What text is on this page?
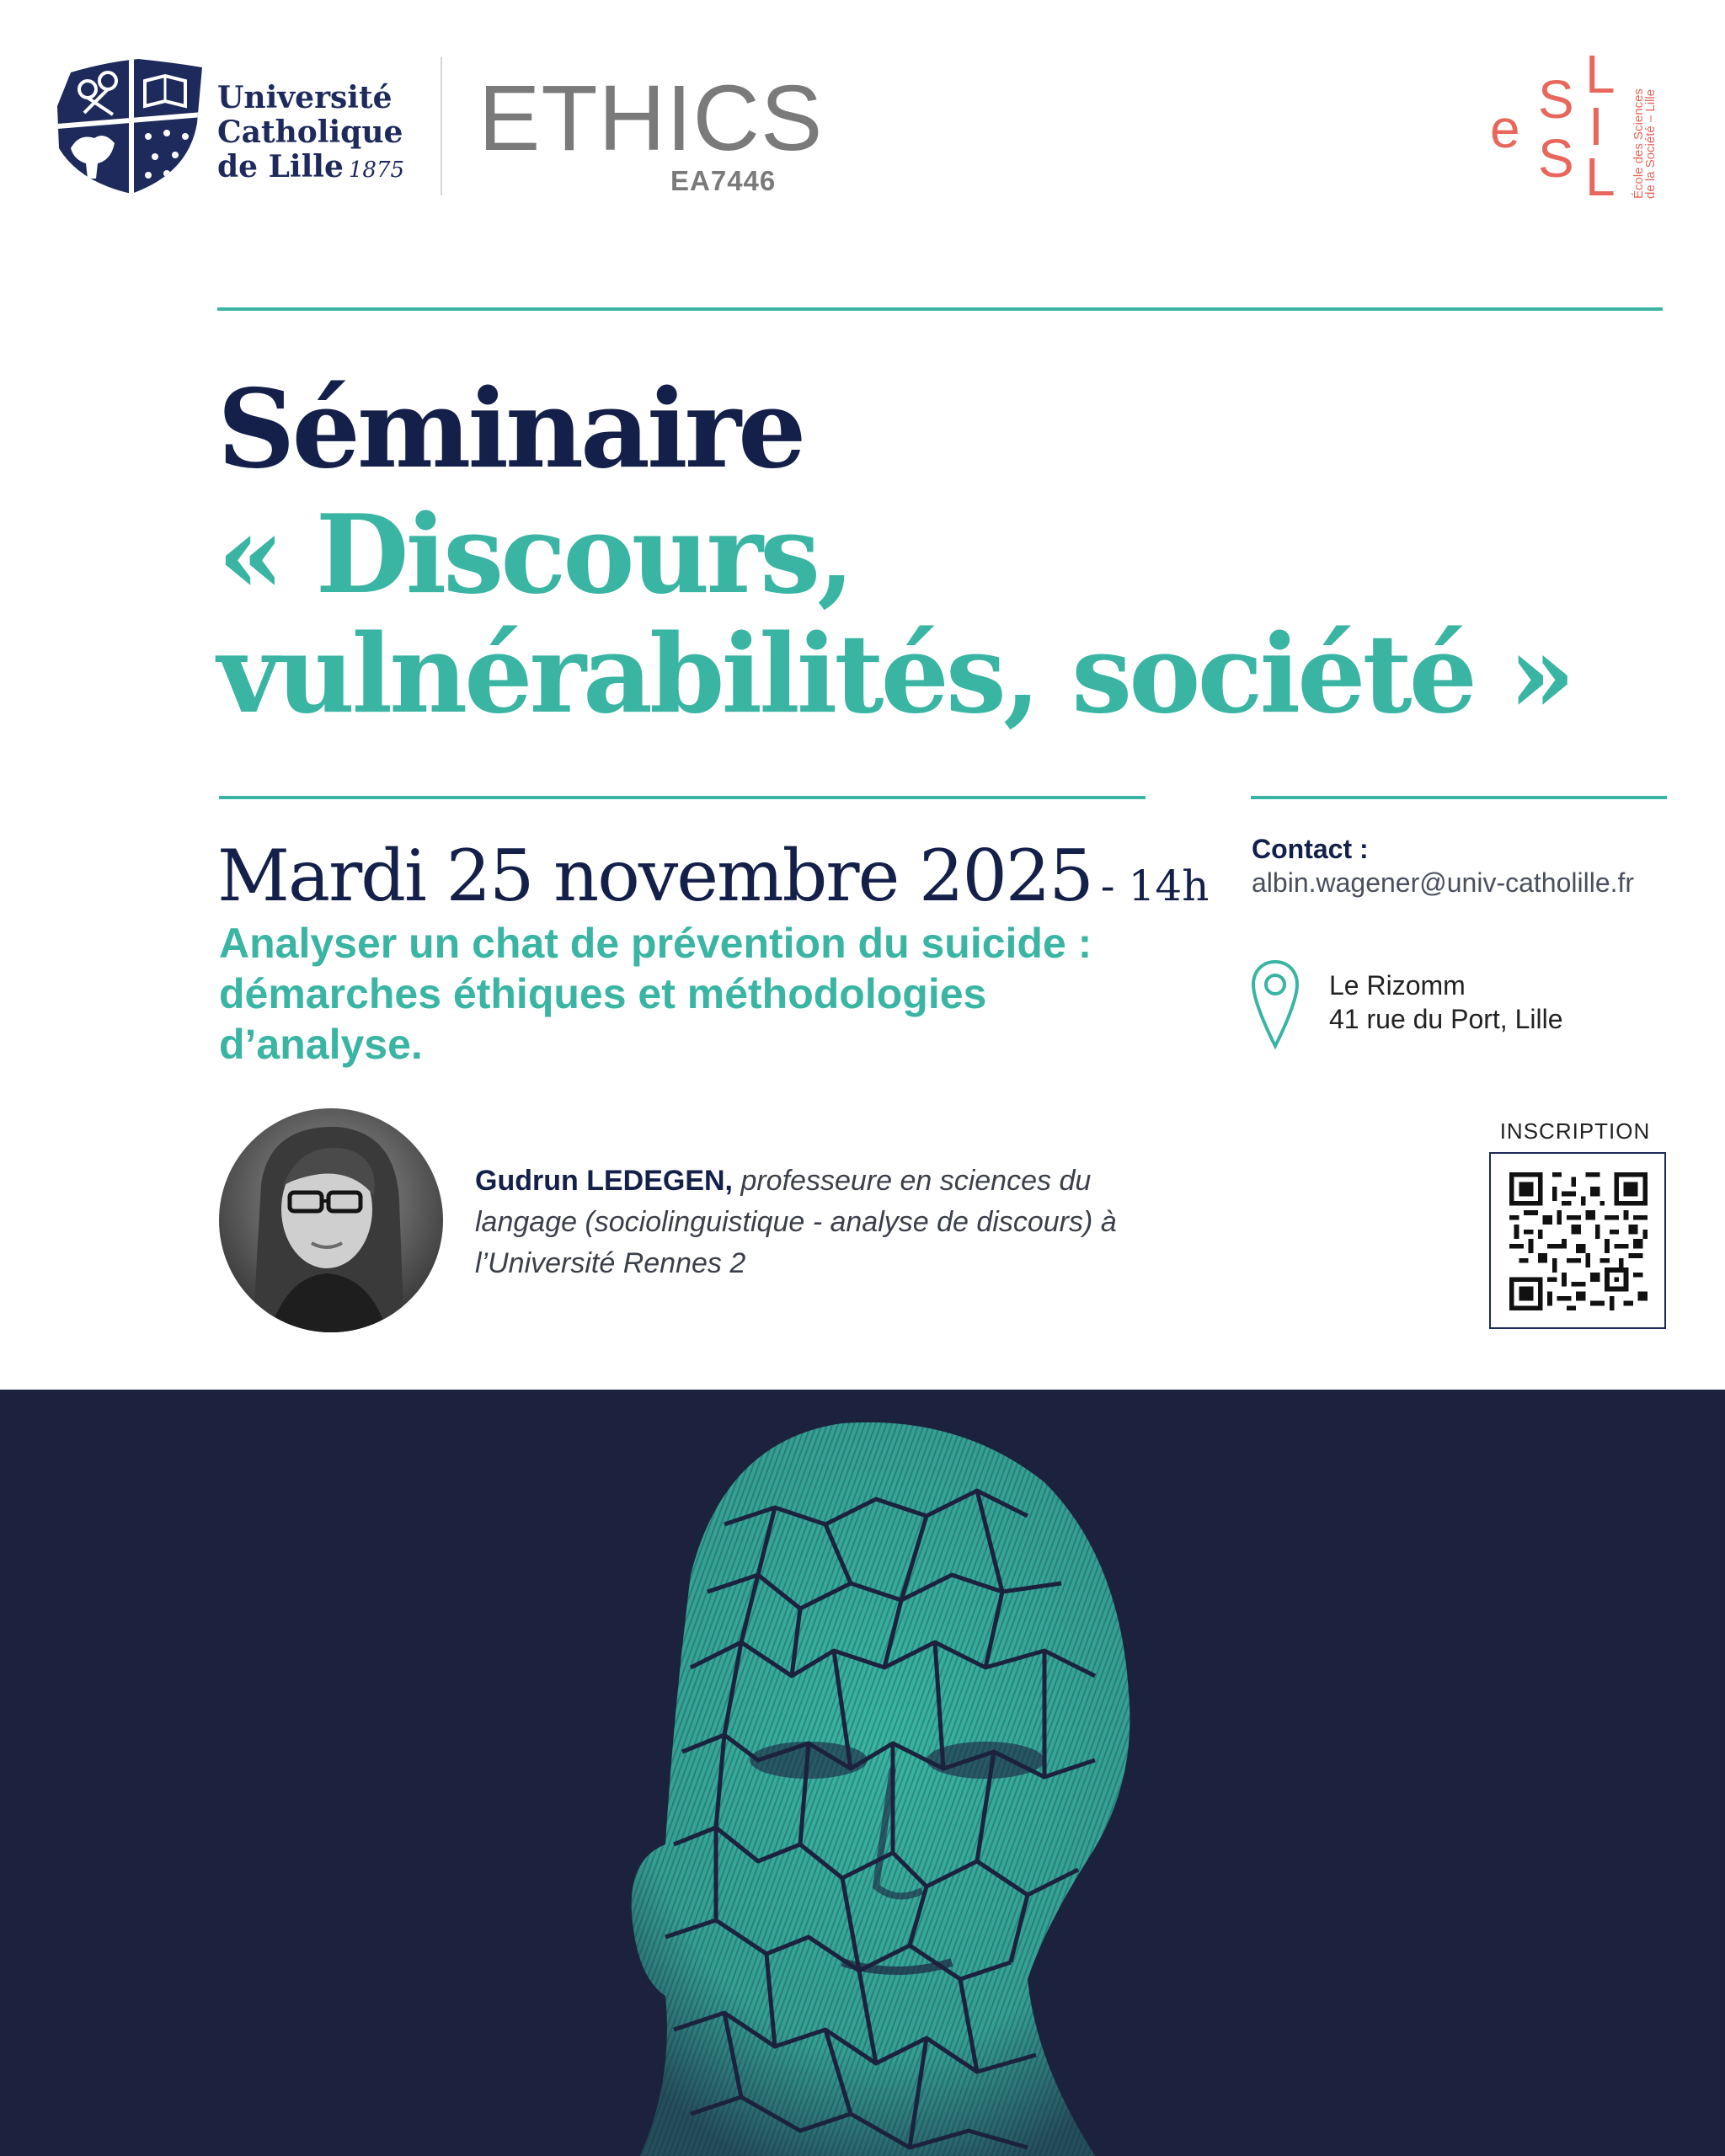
Université
Catholique
de Lille 1875 ETHICS
EA7446
e S
S
L
I
L École des Sciences
de la Société – Lille
Séminaire
« Discours, vulnérabilités, société »
Mardi 25 novembre 2025 - 14h
Analyser un chat de prévention du suicide : démarches éthiques et méthodologies d’analyse.
Contact :
albin.wagener@univ-catholille.fr
Le Rizomm
41 rue du Port, Lille
INSCRIPTION
Gudrun LEDEGEN, professeure en sciences du langage (sociolinguistique - analyse de discours) à l’Université Rennes 2
